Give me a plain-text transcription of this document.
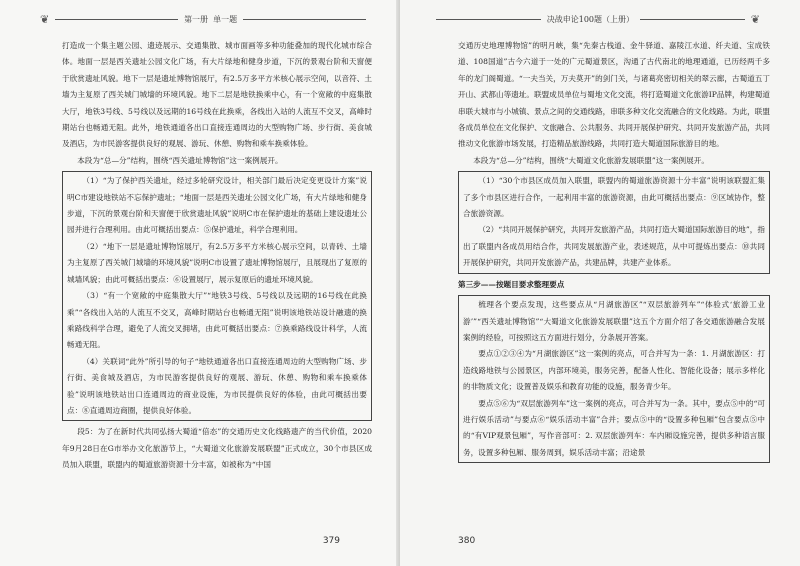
❦	第一册
单一题

打造成一个集主题公园、遗迹展示、交通集散、城市面画等多种功能叠加的现代化城市综合体。地面一层是西关遗址公园文化广场，有大片绿地和健身步道，下沉的景观台阶和天窗便于欣赏遗址风貌。地下一层是遗址博物馆展厅，有2.5万多平方米核心展示空间，以音符、土墙为主复原了西关城门城墙的环境风貌。地下二层是地铁换乘中心，有一个宽敞的中庭集散大厅，地铁3号线、5号线以及远期的16号线在此换乘，各线出入站的人流互不交叉，高峰时期站台也畅通无阻。此外，地铁通道各出口直接连通周边的大型购物广场、步行街、美食城及酒店，为市民游客提供良好的观展、游玩、休憩、购物和乘车换乘体验。

本段为“总—分”结构，围绕“西关遗址博物馆”这一案例展开。

（1）“为了保护西关遗址，经过多轮研究设计，相关部门最后决定变更设计方案”说明C市建设地铁站不忘保护遗址；“地面一层是西关遗址公园文化广场，有大片绿地和健身步道，下沉的景观台阶和天窗便于欣赏遗址风貌”说明C市在保护遗址的基础上建设遗址公园并进行合理利用。由此可概括出要点：⑤保护遗址，科学合理利用。

（2）“地下一层是遗址博物馆展厅，有2.5万多平方米核心展示空间，以青砖、土墙为主复原了西关城门城墙的环境风貌”说明C市设置了遗址博物馆展厅，且展现出了复原的城墙风貌；由此可概括出要点：⑥设置展厅，展示复原后的遗址环境风貌。

（3）“有一个宽敞的中庭集散大厅”“地铁3号线、5号线以及远期的16号线在此换乘”“各线出入站的人流互不交叉，高峰时期站台也畅通无阻”说明该地铁站设计融遗的换乘路线科学合理，避免了人流交叉拥堵，由此可概括出要点：⑦换乘路线设计科学，人流畅通无阻。

（4）关联词“此外”所引导的句子“地铁通道各出口直接连通周边的大型购物广场、步行街、美食城及酒店，为市民游客提供良好的观展、游玩、休憩、购物和乘车换乘体验”说明该地铁站出口连通周边的商业设施，为市民提供良好的体验，由此可概括出要点：⑧直通周边商圈，提供良好体验。

段5：为了在新时代共同弘扬大蜀道“倍态”的交通历史文化线路遗产的当代价值，2020年9月28日在G市举办文化旅游节上，“大蜀道文化旅游发展联盟”正式成立，30个市县区成员加入联盟，联盟内的蜀道旅游资源十分丰富，如被称为“中国

379
决战申论100题（上册）	❦

交通历史地理博物馆”的明月峡，集“先秦古栈道、金牛驿道、嘉陵江水道、纤夫道、宝成铁道、108国道”古今六道于一处的广元蜀道景区，沟通了古代南北的地理通道，已历经两千多年的龙门阁蜀道。“一夫当关，万夫莫开”的剑门关，与诸葛亮密切相关的翠云廊，古蜀道五丁开山、武都山等遗址。联盟成员单位与蜀地文化交流，将打造蜀道文化旅游IP品牌，构建蜀道串联大城市与小城镇、景点之间的交通线路，串联多种文化交流融合的文化线路。为此，联盟各成员单位在文化保护、文旅融合、公共服务、共同开展保护研究、共同开发旅游产品，共同推动文化旅游市场发展，打造精品旅游线路，共同打造大蜀道国际旅游目的地。

本段为“总—分”结构，围绕“大蜀道文化旅游发展联盟”这一案例展开。

（1）“30个市县区成员加入联盟，联盟内的蜀道旅游资源十分丰富”说明该联盟汇集了多个市县区进行合作，一起利用丰富的旅游资源，由此可概括出要点：⑨区域协作，整合旅游资源。

（2）“共同开展保护研究，共同开发旅游产品，共同打造大蜀道国际旅游目的地”，指出了联盟内各成员用结合作，共同发展旅游产业，表述规范，从中可提炼出要点：⑩共同开展保护研究，共同开发旅游产品，共建品牌，共建产业体系。

第三步——按题目要求整理要点

梳理各个要点发现，这些要点从“月湖旅游区”“双层旅游列车”“体验式‘旅游工业游’”“西关遗址博物馆”“大蜀道文化旅游发展联盟”这五个方面介绍了各交通旅游融合发展案例的经验，可按照这五方面进行划分，分条展开答案。

要点①②③④为“月湖旅游区”这一案例的亮点，可合并写为一条：1. 月湖旅游区：打造线路地铁与公园景区，内部环境美，服务完善，配备人性化、智能化设备；展示多样化的非物质文化；设置普及娱乐和教育功能的设施，服务青少年。

要点⑤⑥为“双层旅游列车”这一案例的亮点，可合并写为一条。其中，要点⑤中的“可进行娱乐活动”与要点⑥“娱乐活动丰富”合并；要点⑤中的“设置多种包厢”包含要点⑤中的“有VIP观景包厢”，写作音部可：2. 双层旅游列车：车内厢设施完善，提供多种语言服务，设置多种包厢、服务周到，娱乐活动丰富；沿途景

380
